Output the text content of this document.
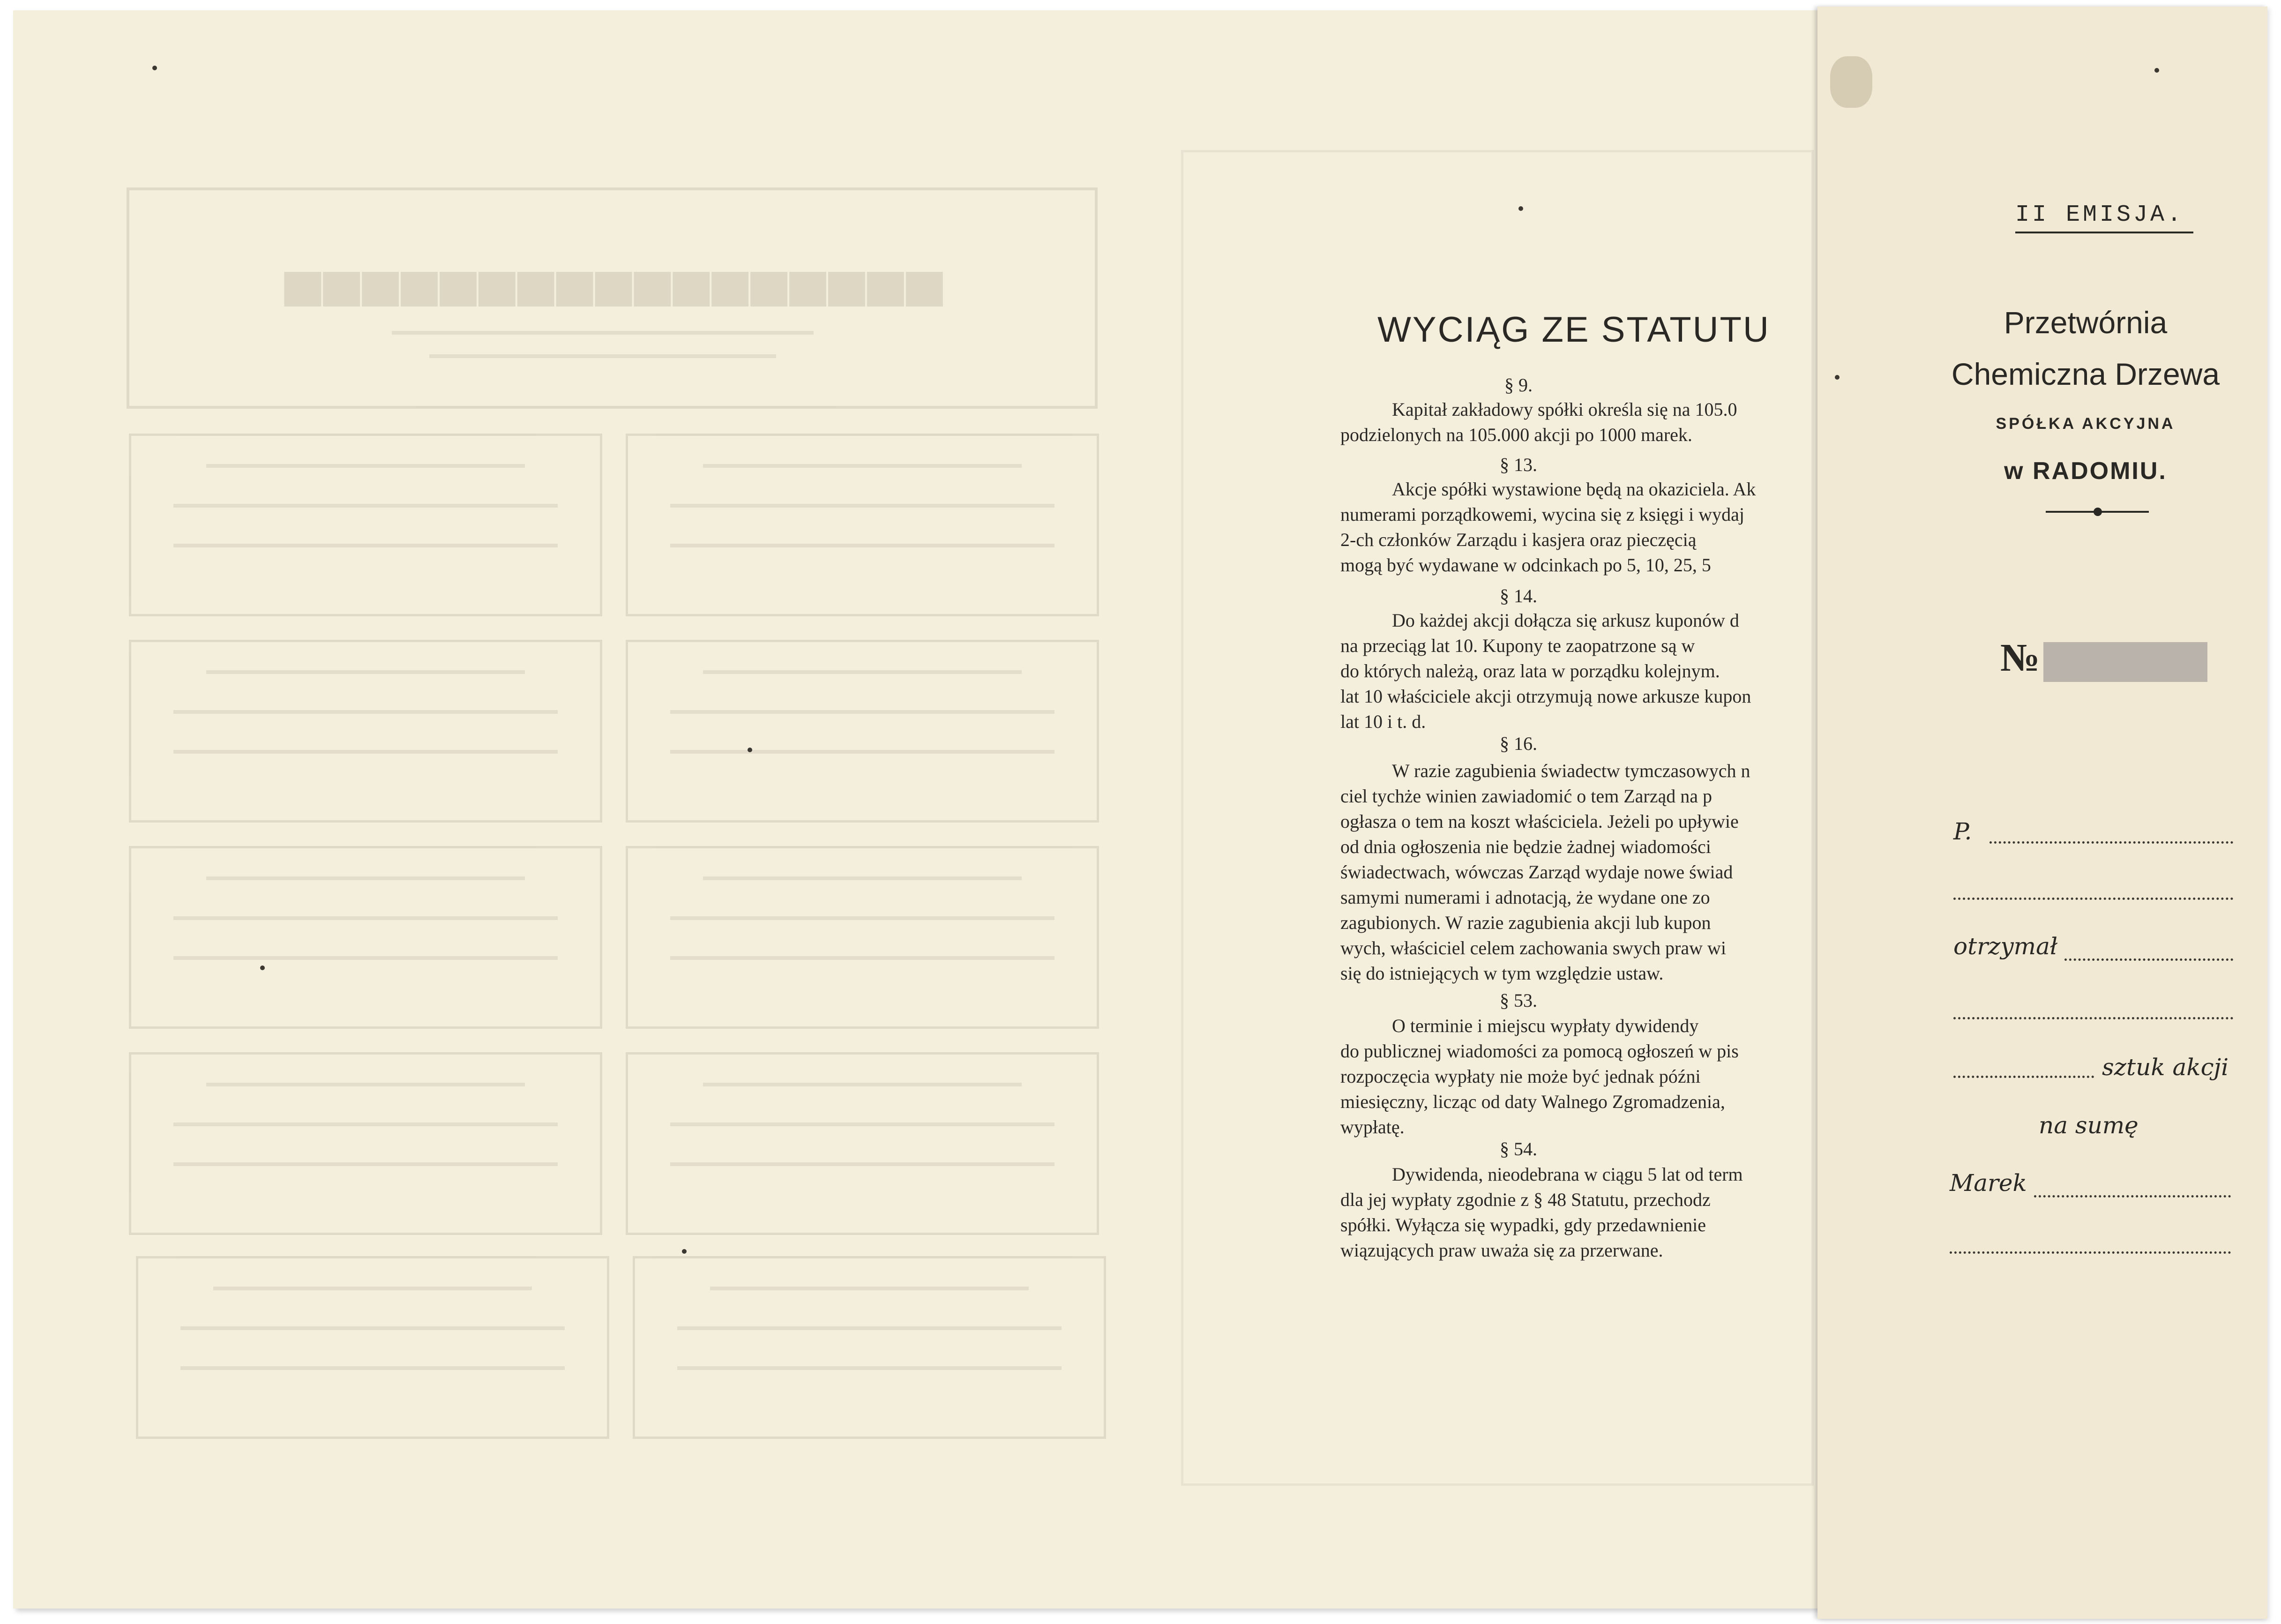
▅▅▅▅▅▅▅▅▅▅▅▅▅▅▅▅▅
WYCIĄG ZE STATUTU
§ 9.
Kapitał zakładowy spółki określa się na 105.0
podzielonych na 105.000 akcji po 1000 marek.
§ 13.
Akcje spółki wystawione będą na okaziciela. Ak
numerami porządkowemi, wycina się z księgi i wydaj
2-ch członków Zarządu i kasjera oraz pieczęcią
mogą być wydawane w odcinkach po 5, 10, 25, 5
§ 14.
Do każdej akcji dołącza się arkusz kuponów d
na przeciąg lat 10. Kupony te zaopatrzone są w
do których należą, oraz lata w porządku kolejnym.
lat 10 właściciele akcji otrzymują nowe arkusze kupon
lat 10 i t. d.
§ 16.
W razie zagubienia świadectw tymczasowych n
ciel tychże winien zawiadomić o tem Zarząd na p
ogłasza o tem na koszt właściciela. Jeżeli po upływie
od dnia ogłoszenia nie będzie żadnej wiadomości
świadectwach, wówczas Zarząd wydaje nowe świad
samymi numerami i adnotacją, że wydane one zo
zagubionych. W razie zagubienia akcji lub kupon
wych, właściciel celem zachowania swych praw wi
się do istniejących w tym względzie ustaw.
§ 53.
O terminie i miejscu wypłaty dywidendy
do publicznej wiadomości za pomocą ogłoszeń w pis
rozpoczęcia wypłaty nie może być jednak późni
miesięczny, licząc od daty Walnego Zgromadzenia,
wypłatę.
§ 54.
Dywidenda, nieodebrana w ciągu 5 lat od term
dla jej wypłaty zgodnie z § 48 Statutu, przechodz
spółki. Wyłącza się wypadki, gdy przedawnienie
wiązujących praw uważa się za przerwane.
II EMISJA.
Przetwórnia
Chemiczna Drzewa
SPÓŁKA AKCYJNA
w RADOMIU.
№
P.
otrzymał
sztuk akcji
na sumę
Marek
